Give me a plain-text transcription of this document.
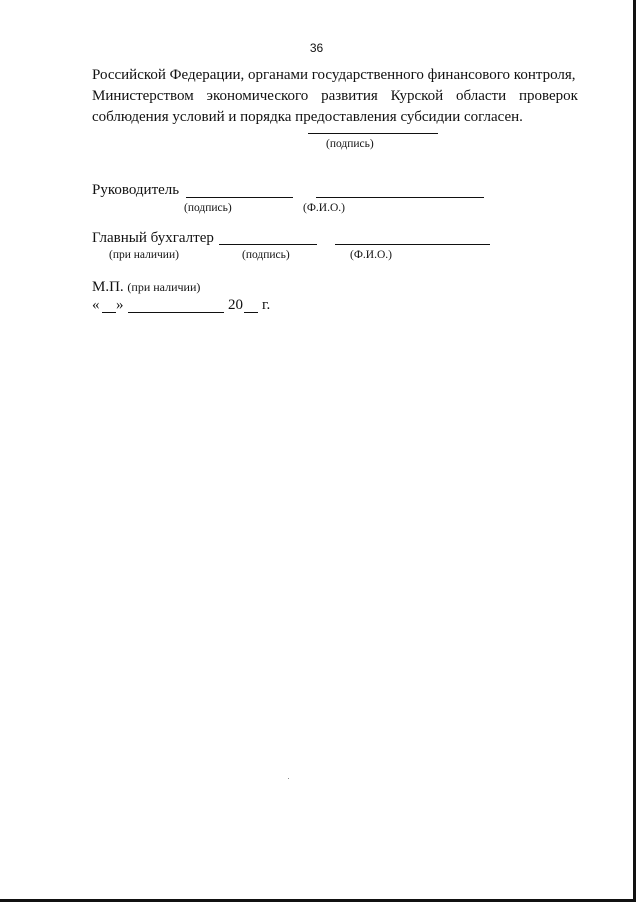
36
Российской Федерации, органами государственного финансового контроля,
Министерством экономического развития Курской области проверок
соблюдения условий и порядка предоставления субсидии согласен.
(подпись)
Руководитель
(подпись)	(Ф.И.О.)
Главный бухгалтер
(при наличии)	(подпись)	(Ф.И.О.)
М.П. (при наличии)
« »	20 г.
